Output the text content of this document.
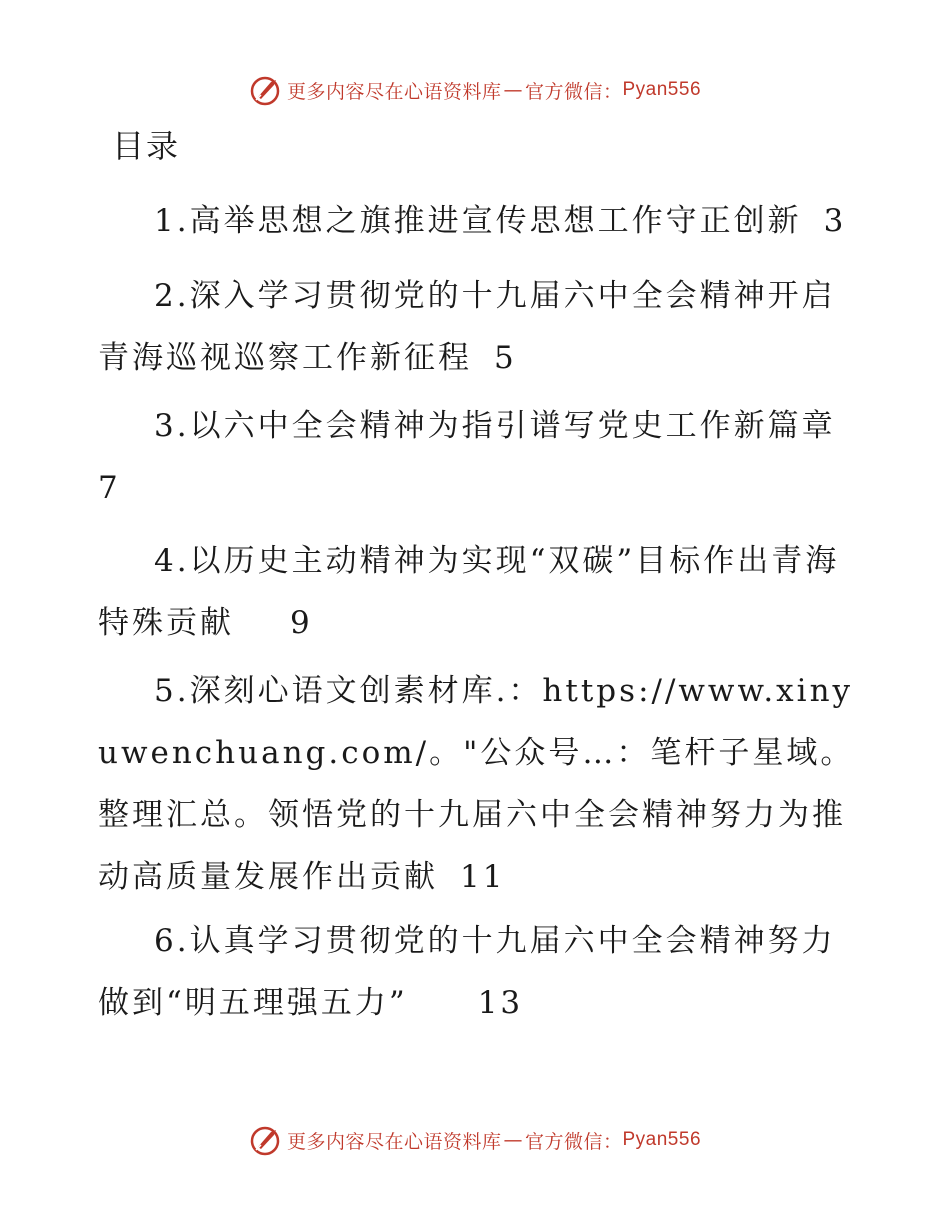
更多内容尽在心语资料库 — 官方微信： Pyan556
目录

1.高举思想之旗推进宣传思想工作守正创新 3

2.深入学习贯彻党的十九届六中全会精神开启青海巡视巡察工作新征程 5

3.以六中全会精神为指引谱写党史工作新篇章
7

4.以历史主动精神为实现“双碳”目标作出青海特殊贡献 9

5.深刻心语文创素材库.：https://www.xinyuwenchuang.com/。"公众号…：笔杆子星域。整理汇总。领悟党的十九届六中全会精神努力为推动高质量发展作出贡献 11

6.认真学习贯彻党的十九届六中全会精神努力做到“明五理强五力” 13

更多内容尽在心语资料库 — 官方微信： Pyan556
